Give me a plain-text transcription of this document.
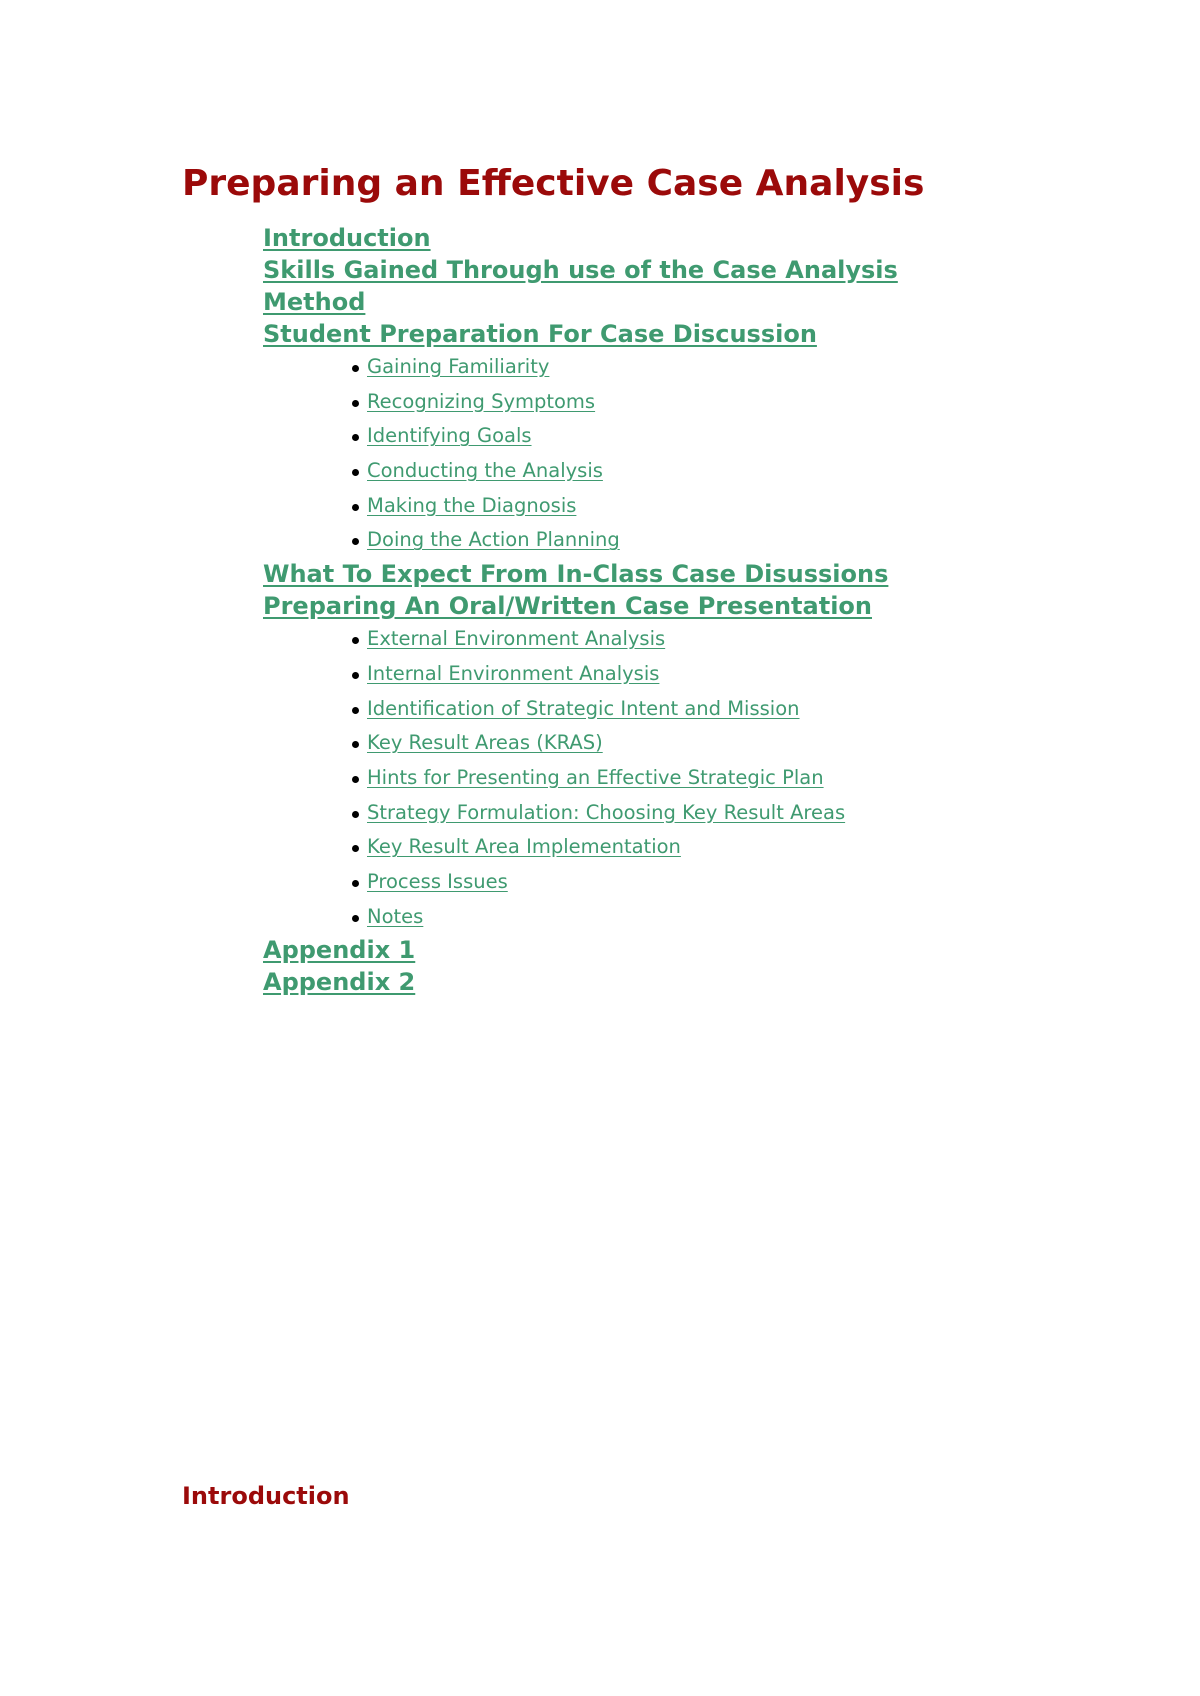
Preparing an Effective Case Analysis
Introduction
Skills Gained Through use of the Case Analysis Method
Student Preparation For Case Discussion
Gaining Familiarity
Recognizing Symptoms
Identifying Goals
Conducting the Analysis
Making the Diagnosis
Doing the Action Planning
What To Expect From In-Class Case Disussions
Preparing An Oral/Written Case Presentation
External Environment Analysis
Internal Environment Analysis
Identification of Strategic Intent and Mission
Key Result Areas (KRAS)
Hints for Presenting an Effective Strategic Plan
Strategy Formulation: Choosing Key Result Areas
Key Result Area Implementation
Process Issues
Notes
Appendix 1
Appendix 2
Introduction
